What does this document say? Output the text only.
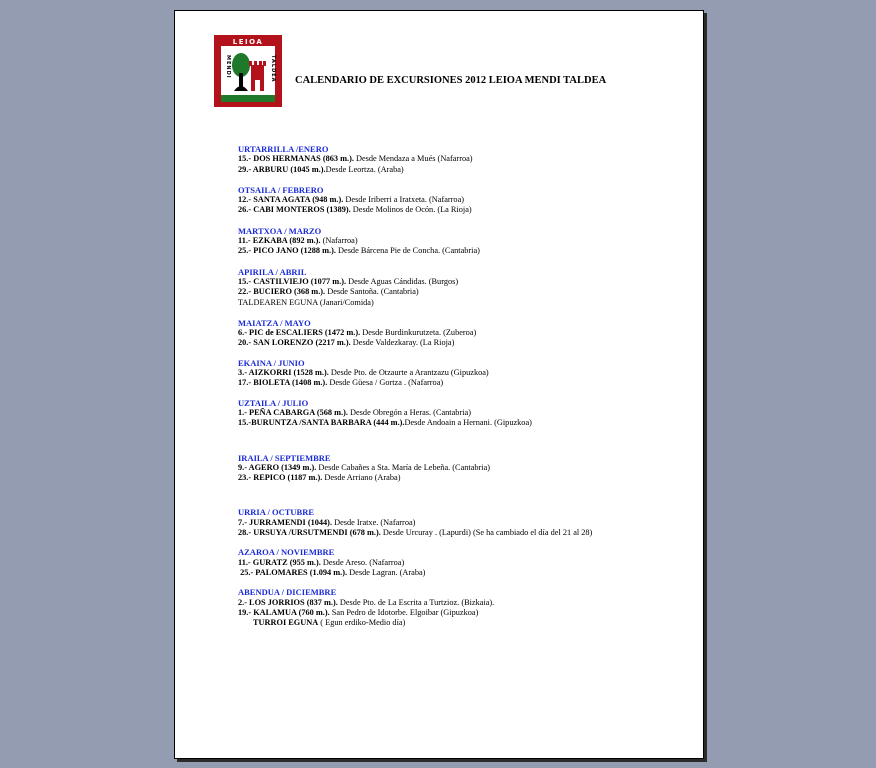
LEIOA
MENDI	TALDEA CALENDARIO DE EXCURSIONES 2012 LEIOA MENDI TALDEA
URTARRILLA /ENERO
15.- DOS HERMANAS (863 m.). Desde Mendaza a Mués (Nafarroa)
29.- ARBURU (1045 m.).Desde Leortza. (Araba)
OTSAILA / FEBRERO
12.- SANTA AGATA (948 m.). Desde Iriberri a Iratxeta. (Nafarroa)
26.- CABI MONTEROS (1389). Desde Molinos de Ocón. (La Rioja)
MARTXOA / MARZO
11.- EZKABA (892 m.). (Nafarroa)
25.- PICO JANO (1288 m.). Desde Bárcena Pie de Concha. (Cantabria)
APIRILA / ABRIL
15.- CASTILVIEJO (1077 m.). Desde Aguas Cándidas. (Burgos)
22.- BUCIERO (368 m.). Desde Santoña. (Cantabria)
TALDEAREN EGUNA (Janari/Comida)
MAIATZA / MAYO
6.- PIC de ESCALIERS (1472 m.). Desde Burdinkurutzeta. (Zuberoa)
20.- SAN LORENZO (2217 m.). Desde Valdezkaray. (La Rioja)
EKAINA / JUNIO
3.- AIZKORRI (1528 m.). Desde Pto. de Otzaurte a Arantzazu (Gipuzkoa)
17.- BIOLETA (1408 m.). Desde Güesa / Gortza . (Nafarroa)
UZTAILA / JULIO
1.- PEÑA CABARGA (568 m.). Desde Obregón a Heras. (Cantabria)
15.-BURUNTZA /SANTA BARBARA (444 m.).Desde Andoain a Hernani. (Gipuzkoa)
IRAILA / SEPTIEMBRE
9.- AGERO (1349 m.). Desde Cabañes a Sta. María de Lebeña. (Cantabria)
23.- REPICO (1187 m.). Desde Arriano (Araba)
URRIA / OCTUBRE
7.- JURRAMENDI (1044). Desde Iratxe. (Nafarroa)
28.- URSUYA /URSUTMENDI (678 m.). Desde Urcuray . (Lapurdi) (Se ha cambiado el día del 21 al 28)
AZAROA / NOVIEMBRE
11.- GURATZ (955 m.). Desde Areso. (Nafarroa)
25.- PALOMARES (1.094 m.). Desde Lagran. (Araba)
ABENDUA / DICIEMBRE
2.- LOS JORRIOS (837 m.). Desde Pto. de La Escrita a Turtzioz. (Bizkaia).
19.- KALAMUA (760 m.). San Pedro de Idotorbe. Elgoibar (Gipuzkoa)
TURROI EGUNA ( Egun erdiko-Medio día)
